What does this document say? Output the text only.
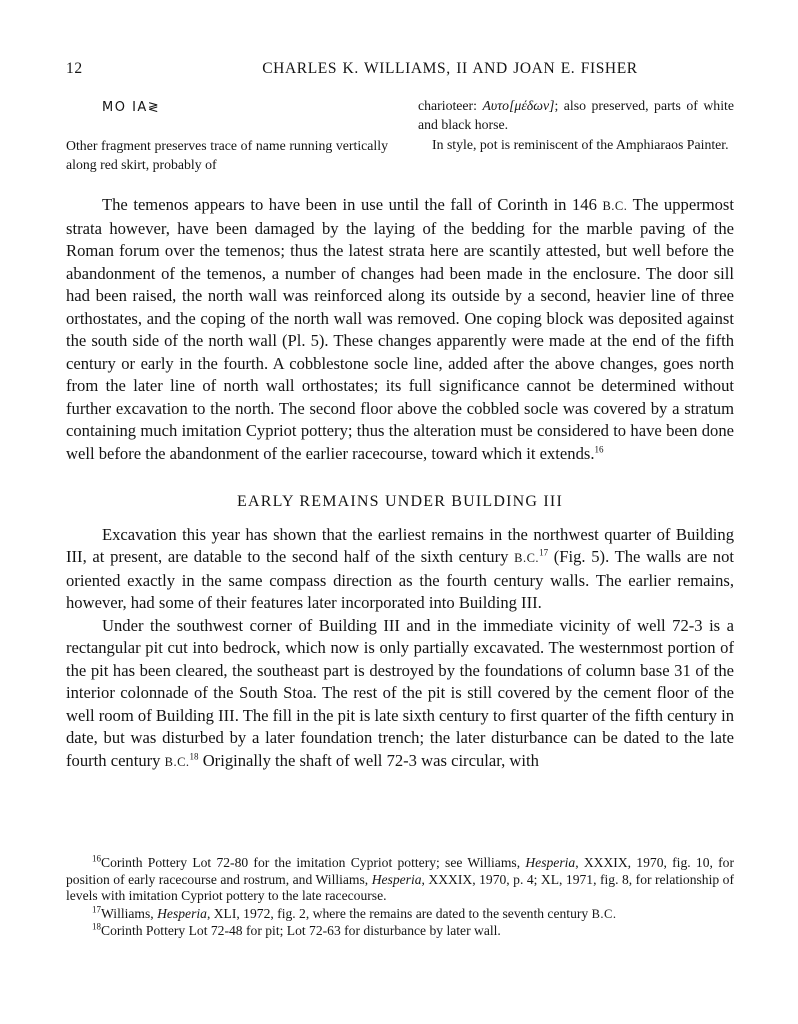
12	CHARLES K. WILLIAMS, II AND JOAN E. FISHER
ΜΟ ΙΑ≷

Other fragment preserves trace of name running vertically along red skirt, probably of

charioteer: Αυτο[μέδων]; also preserved, parts of white and black horse.

In style, pot is reminiscent of the Amphiaraos Painter.

The temenos appears to have been in use until the fall of Corinth in 146 B.C. The uppermost strata however, have been damaged by the laying of the bedding for the marble paving of the Roman forum over the temenos; thus the latest strata here are scantily attested, but well before the abandonment of the temenos, a number of changes had been made in the enclosure. The door sill had been raised, the north wall was reinforced along its outside by a second, heavier line of three orthostates, and the coping of the north wall was removed. One coping block was deposited against the south side of the north wall (Pl. 5). These changes apparently were made at the end of the fifth century or early in the fourth. A cobblestone socle line, added after the above changes, goes north from the later line of north wall orthostates; its full significance cannot be determined without further excavation to the north. The second floor above the cobbled socle was covered by a stratum containing much imitation Cypriot pottery; thus the alteration must be considered to have been done well before the abandonment of the earlier racecourse, toward which it extends.$^{16}$

EARLY REMAINS UNDER BUILDING III

Excavation this year has shown that the earliest remains in the northwest quarter of Building III, at present, are datable to the second half of the sixth century B.C.$^{17}$ (Fig. 5). The walls are not oriented exactly in the same compass direction as the fourth century walls. The earlier remains, however, had some of their features later incorporated into Building III.

Under the southwest corner of Building III and in the immediate vicinity of well 72-3 is a rectangular pit cut into bedrock, which now is only partially excavated. The westernmost portion of the pit has been cleared, the southeast part is destroyed by the foundations of column base 31 of the interior colonnade of the South Stoa. The rest of the pit is still covered by the cement floor of the well room of Building III. The fill in the pit is late sixth century to first quarter of the fifth century in date, but was disturbed by a later foundation trench; the later disturbance can be dated to the late fourth century B.C.$^{18}$ Originally the shaft of well 72-3 was circular, with

$^{16}$Corinth Pottery Lot 72-80 for the imitation Cypriot pottery; see Williams, Hesperia, XXXIX, 1970, fig. 10, for position of early racecourse and rostrum, and Williams, Hesperia, XXXIX, 1970, p. 4; XL, 1971, fig. 8, for relationship of levels with imitation Cypriot pottery to the late racecourse.

$^{17}$Williams, Hesperia, XLI, 1972, fig. 2, where the remains are dated to the seventh century B.C.

$^{18}$Corinth Pottery Lot 72-48 for pit; Lot 72-63 for disturbance by later wall.
